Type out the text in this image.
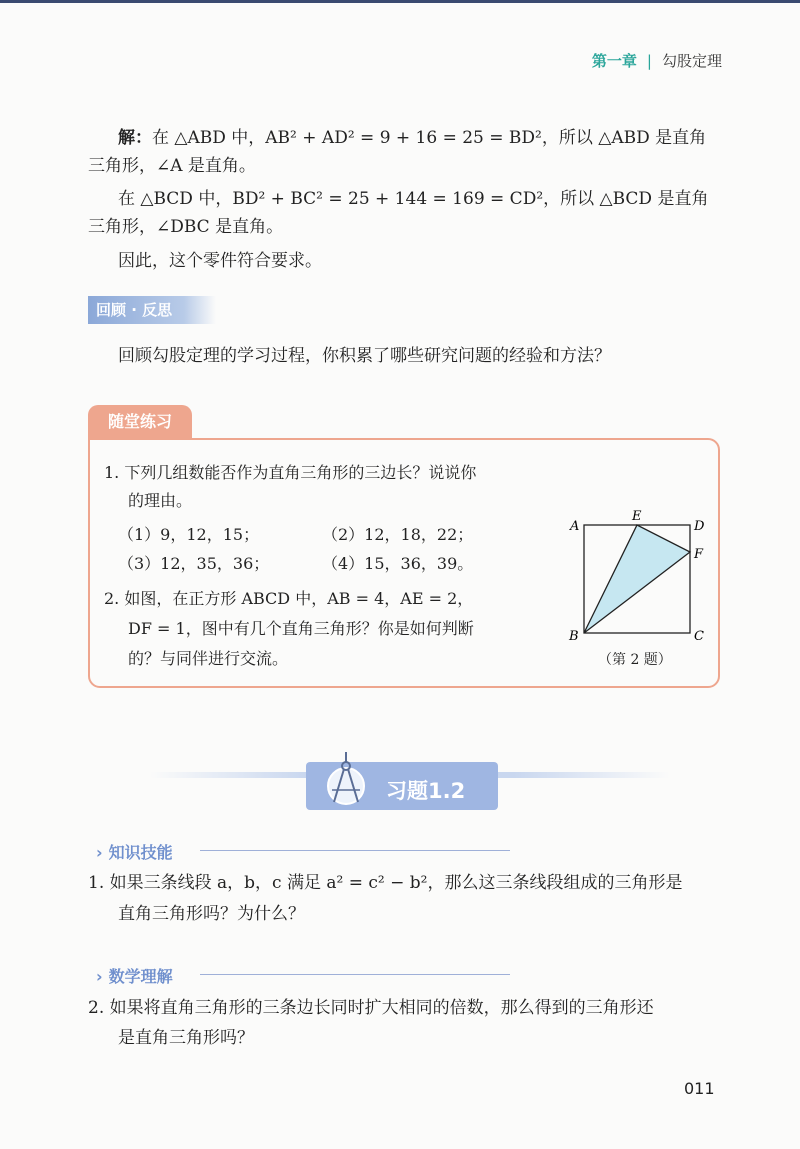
第一章 | 勾股定理
解：在 △ABD 中，AB² + AD² = 9 + 16 = 25 = BD²，所以 △ABD 是直角
三角形，∠A 是直角。
在 △BCD 中，BD² + BC² = 25 + 144 = 169 = CD²，所以 △BCD 是直角
三角形，∠DBC 是直角。
因此，这个零件符合要求。
回顾 · 反思
回顾勾股定理的学习过程，你积累了哪些研究问题的经验和方法？
随堂练习
1. 下列几组数能否作为直角三角形的三边长？说说你
的理由。
（1）9，12，15；	（2）12，18，22；
（3）12，35，36；	（4）15，36，39。
2. 如图，在正方形 ABCD 中，AB = 4，AE = 2，
DF = 1，图中有几个直角三角形？你是如何判断
的？与同伴进行交流。
A
E
D
F
B	C
（第 2 题）
习题1.2
› 知识技能
1. 如果三条线段 a，b，c 满足 a² = c² − b²，那么这三条线段组成的三角形是
直角三角形吗？为什么？
› 数学理解
2. 如果将直角三角形的三条边长同时扩大相同的倍数，那么得到的三角形还
是直角三角形吗？
011
